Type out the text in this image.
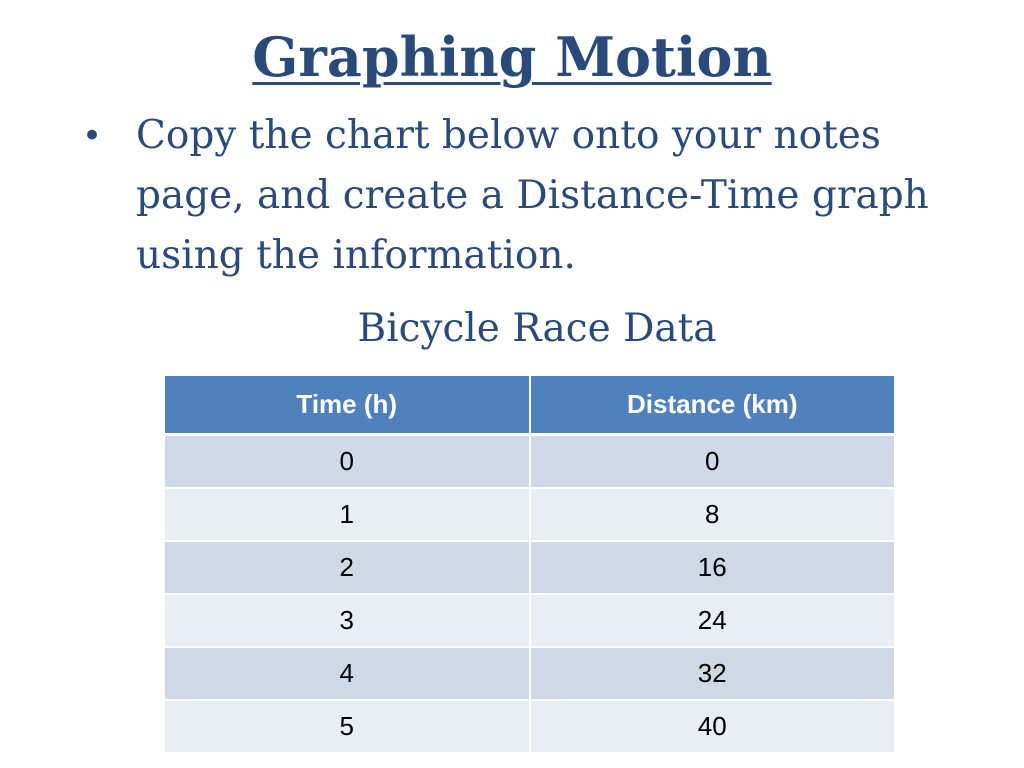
Graphing Motion
• Copy the chart below onto your notes page, and create a Distance-Time graph using the information.
Bicycle Race Data
Time (h)	Distance (km)
0	0
1	8
2	16
3	24
4	32
5	40
